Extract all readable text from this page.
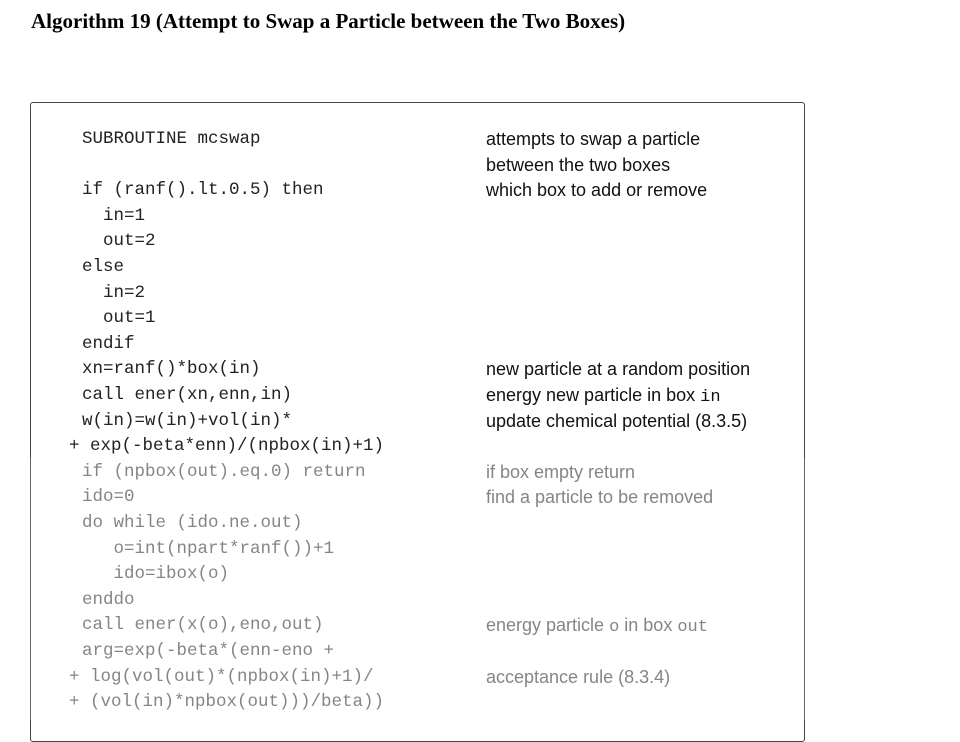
Algorithm 19 (Attempt to Swap a Particle between the Two Boxes)
SUBROUTINE mcswap	attempts to swap a particle
between the two boxes
if (ranf().lt.0.5) then	which box to add or remove
in=1
out=2
else
in=2
out=1
endif
xn=ranf()*box(in)	new particle at a random position
call ener(xn,enn,in)	energy new particle in box in
w(in)=w(in)+vol(in)*	update chemical potential (8.3.5)
+ exp(-beta*enn)/(npbox(in)+1)
if (npbox(out).eq.0) return	if box empty return
ido=0	find a particle to be removed
do while (ido.ne.out)
o=int(npart*ranf())+1
ido=ibox(o)
enddo
call ener(x(o),eno,out)	energy particle o in box out
arg=exp(-beta*(enn-eno +
+ log(vol(out)*(npbox(in)+1)/	acceptance rule (8.3.4)
+ (vol(in)*npbox(out)))/beta))
